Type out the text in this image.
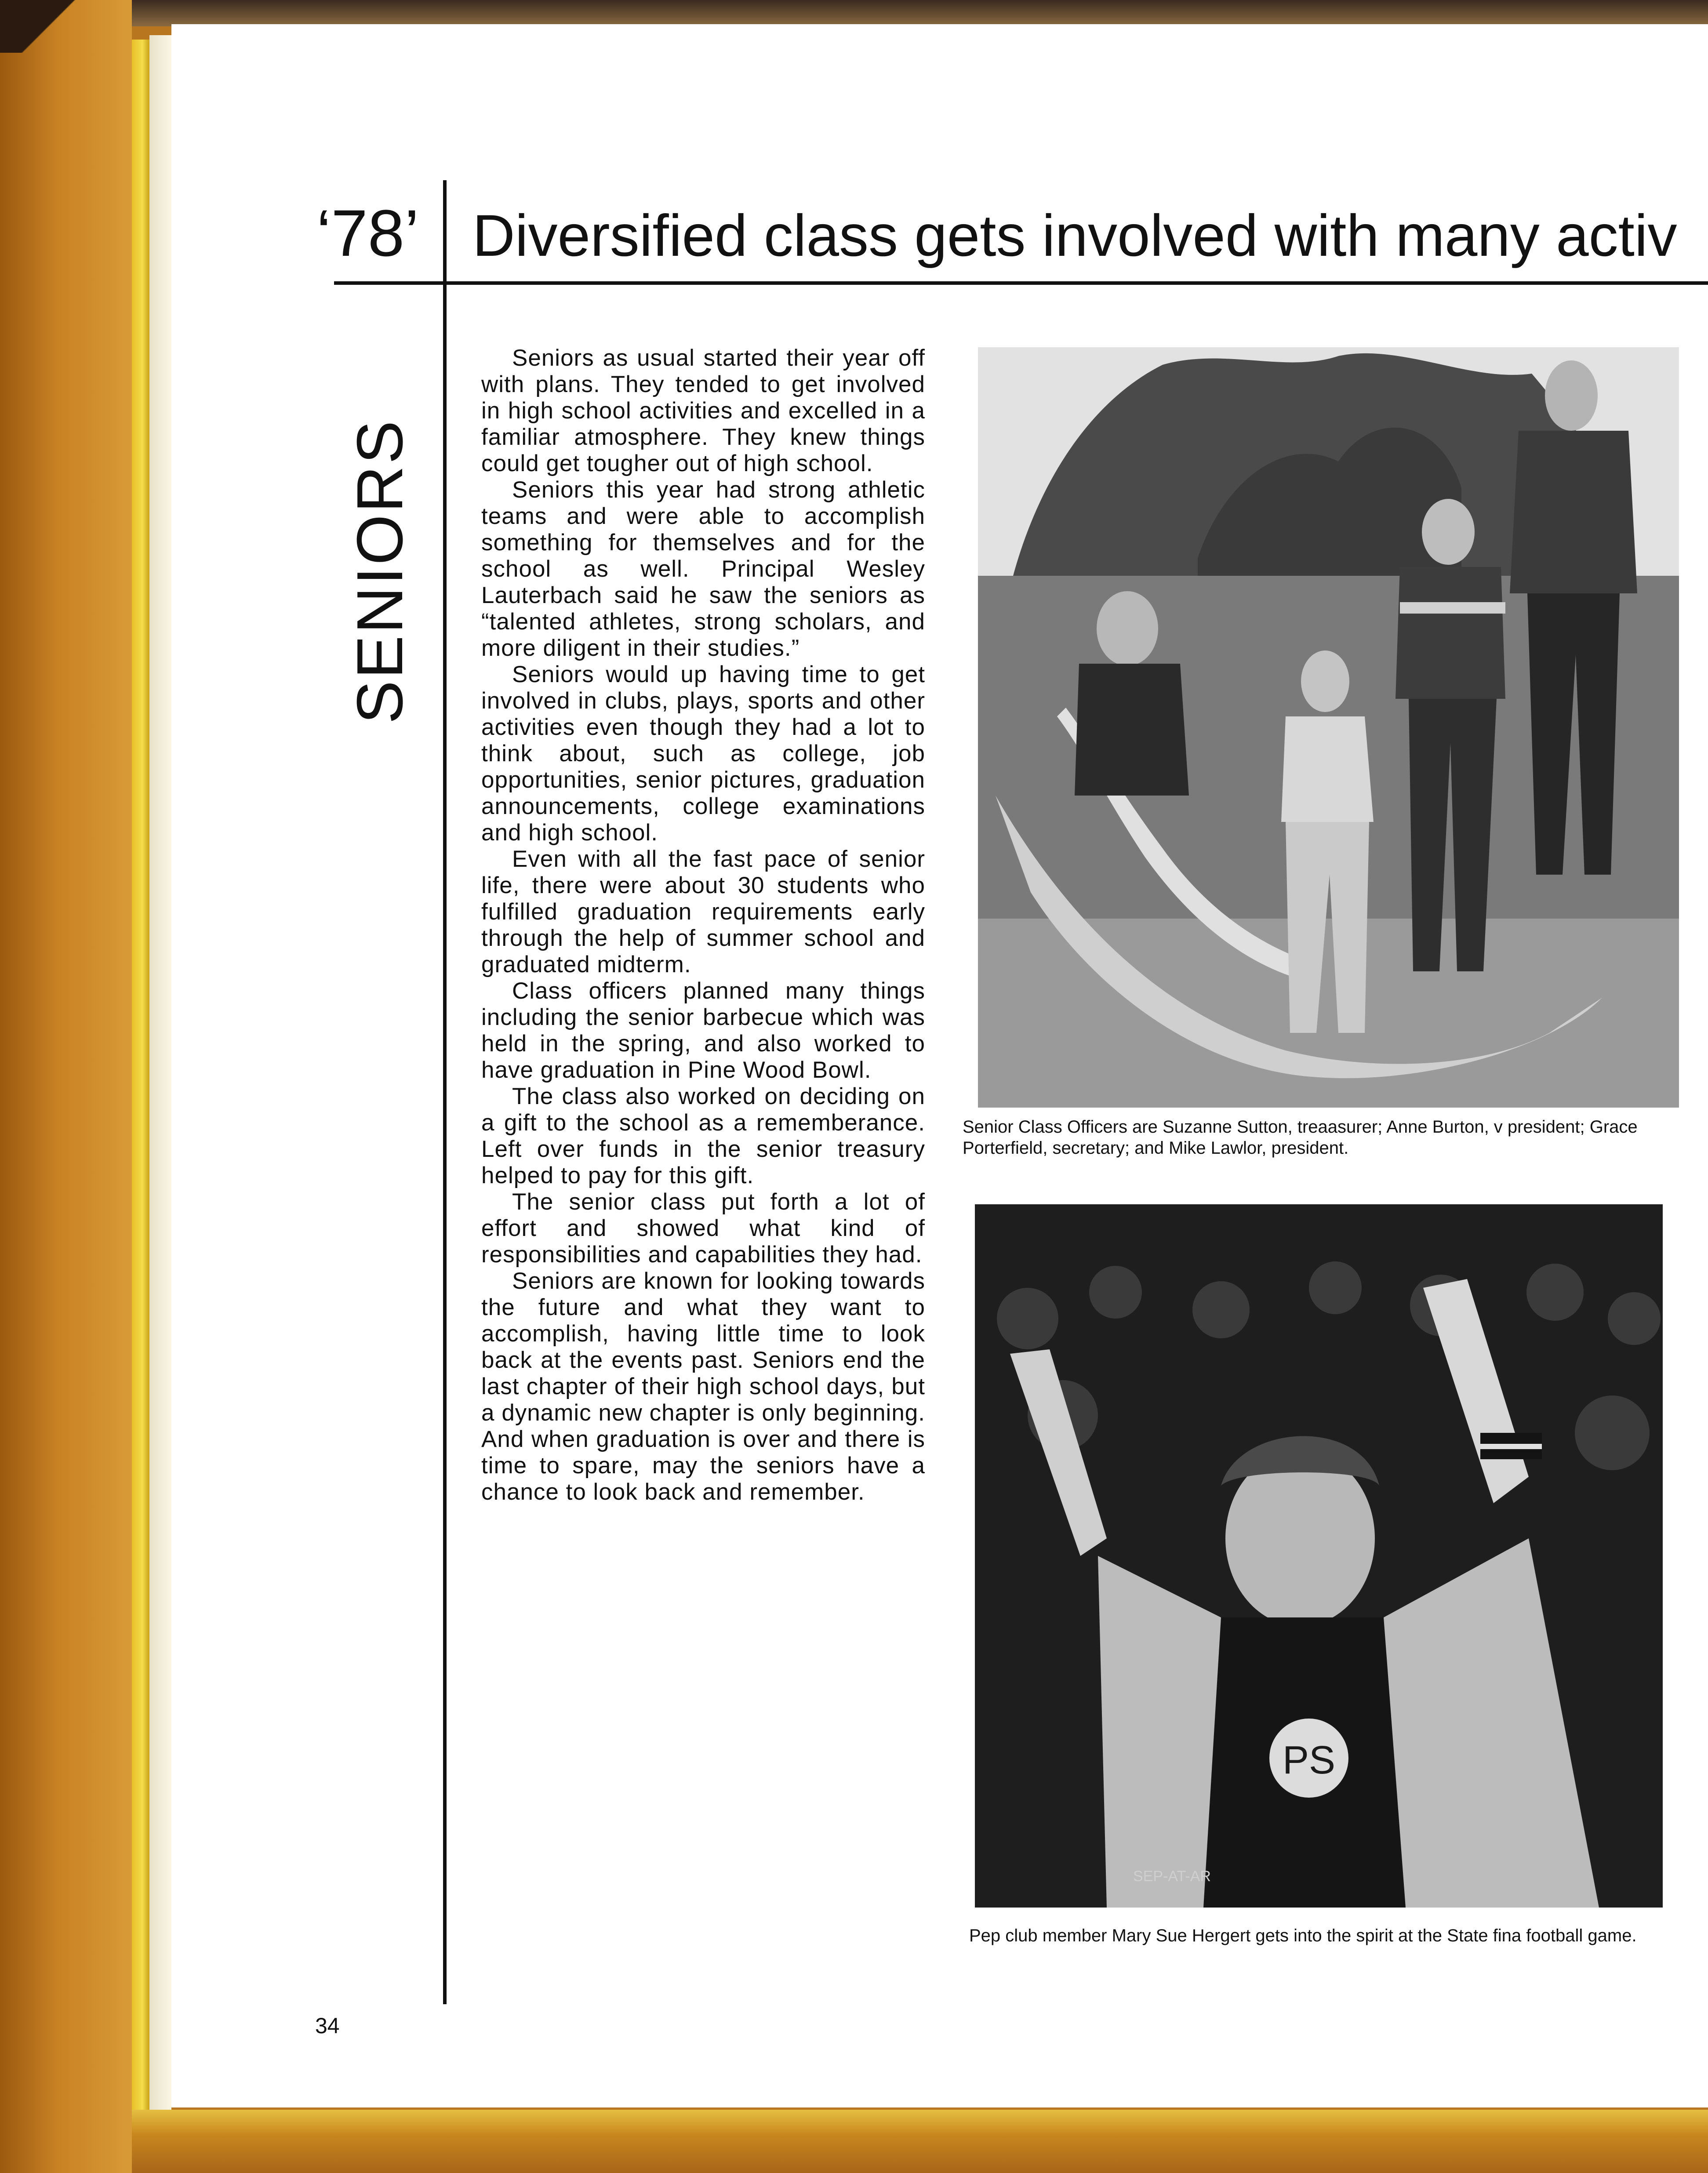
‘78’ Diversified class gets involved with many activ
SENIORS

Seniors as usual started their year off with plans. They tended to get involved in high school activities and excelled in a familiar atmosphere. They knew things could get tougher out of high school.

Seniors this year had strong athletic teams and were able to accomplish something for themselves and for the school as well. Principal Wesley Lauterbach said he saw the seniors as “talented athletes, strong scholars, and more diligent in their studies.”

Seniors would up having time to get involved in clubs, plays, sports and other activities even though they had a lot to think about, such as college, job opportunities, senior pictures, graduation announcements, college examinations and high school.

Even with all the fast pace of senior life, there were about 30 students who fulfilled graduation requirements early through the help of summer school and graduated midterm.

Class officers planned many things including the senior barbecue which was held in the spring, and also worked to have graduation in Pine Wood Bowl.

The class also worked on deciding on a gift to the school as a rememberance. Left over funds in the senior treasury helped to pay for this gift.

The senior class put forth a lot of effort and showed what kind of responsibilities and capabilities they had.

Seniors are known for looking towards the future and what they want to accomplish, having little time to look back at the events past. Seniors end the last chapter of their high school days, but a dynamic new chapter is only beginning. And when graduation is over and there is time to spare, may the seniors have a chance to look back and remember.

Senior Class Officers are Suzanne Sutton, treaasurer; Anne Burton, v president; Grace Porterfield, secretary; and Mike Lawlor, president.
PS
SEP-AT-AR
Pep club member Mary Sue Hergert gets into the spirit at the State fina football game.
34
